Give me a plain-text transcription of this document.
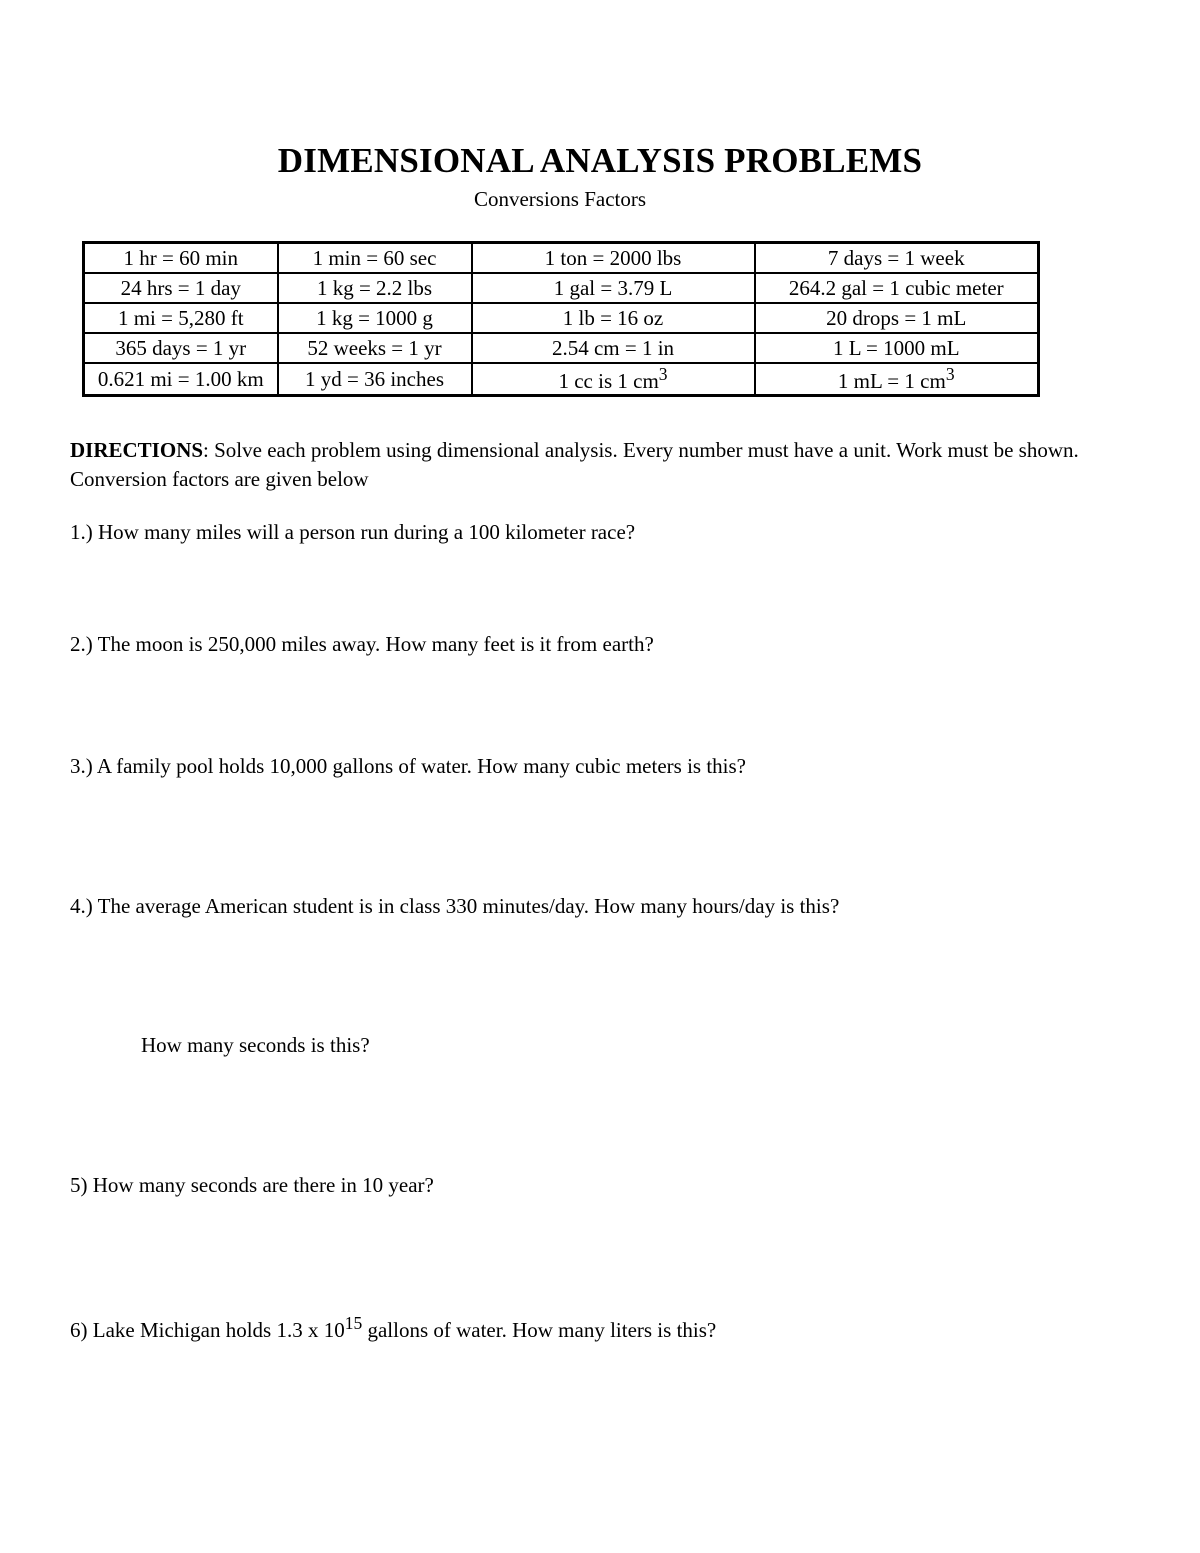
DIMENSIONAL ANALYSIS PROBLEMS

Conversions Factors

1 hr = 60 min	1 min = 60 sec	1 ton = 2000 lbs	7 days = 1 week
24 hrs = 1 day	1 kg = 2.2 lbs	1 gal = 3.79 L	264.2 gal = 1 cubic meter
1 mi = 5,280 ft	1 kg = 1000 g	1 lb = 16 oz	20 drops = 1 mL
365 days = 1 yr	52 weeks = 1 yr	2.54 cm = 1 in	1 L = 1000 mL
0.621 mi = 1.00 km	1 yd = 36 inches	1 cc is 1 $cm^3$	1 mL = 1 $cm^3$

DIRECTIONS: Solve each problem using dimensional analysis. Every number must have a unit. Work must be shown. Conversion factors are given below

1.) How many miles will a person run during a 100 kilometer race?

2.) The moon is 250,000 miles away. How many feet is it from earth?

3.) A family pool holds 10,000 gallons of water. How many cubic meters is this?

4.) The average American student is in class 330 minutes/day. How many hours/day is this?

How many seconds is this?

5) How many seconds are there in 10 year?

6) Lake Michigan holds 1.3 x $10^{15}$ gallons of water. How many liters is this?
